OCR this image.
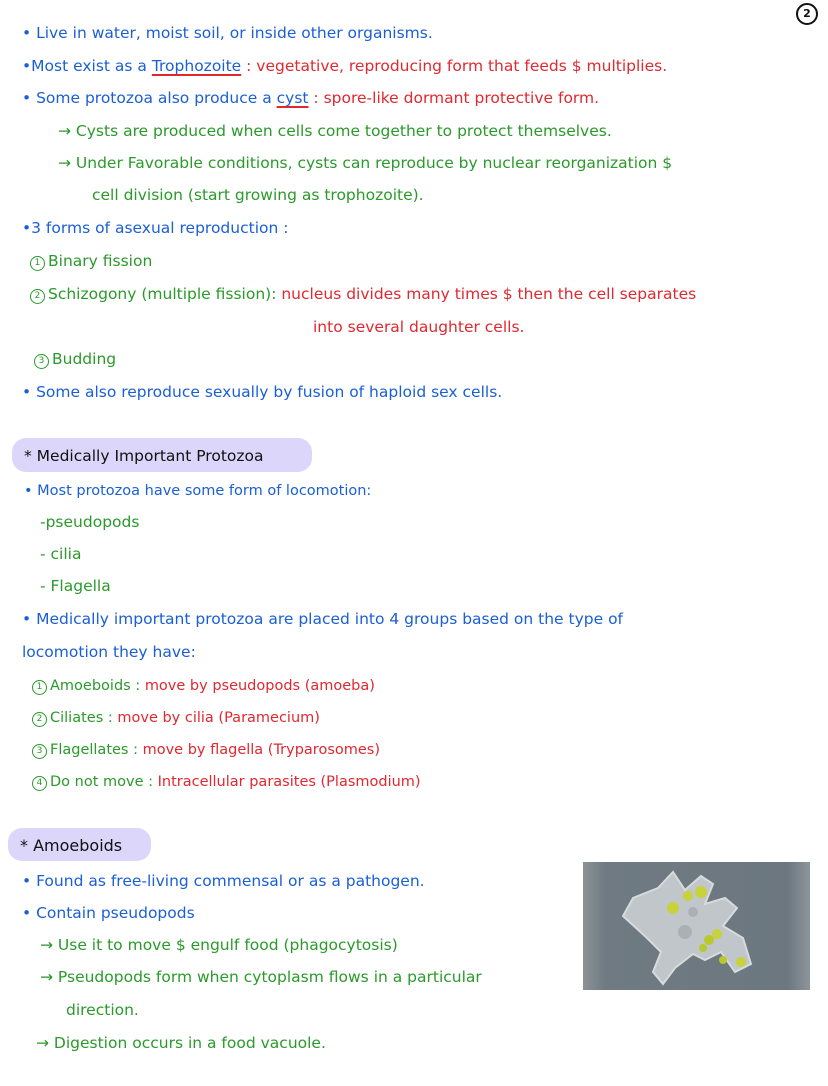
2
• Live in water, moist soil, or inside other organisms.
•Most exist as a Trophozoite : vegetative, reproducing form that feeds $ multiplies.
• Some protozoa also produce a cyst : spore-like dormant protective form.
→ Cysts are produced when cells come together to protect themselves.
→ Under Favorable conditions, cysts can reproduce by nuclear reorganization $
cell division (start growing as trophozoite).
•3 forms of asexual reproduction :
1 Binary fission
2 Schizogony (multiple fission): nucleus divides many times $ then the cell separates
into several daughter cells.
3 Budding
• Some also reproduce sexually by fusion of haploid sex cells.
* Medically Important Protozoa
• Most protozoa have some form of locomotion:
-pseudopods
- cilia
- Flagella
• Medically important protozoa are placed into 4 groups based on the type of
locomotion they have:
1 Amoeboids : move by pseudopods (amoeba)
2 Ciliates : move by cilia (Paramecium)
3 Flagellates : move by flagella (Tryparosomes)
4 Do not move : Intracellular parasites (Plasmodium)
* Amoeboids
• Found as free-living commensal or as a pathogen.
• Contain pseudopods
→ Use it to move $ engulf food (phagocytosis)
→ Pseudopods form when cytoplasm flows in a particular
direction.
→ Digestion occurs in a food vacuole.
